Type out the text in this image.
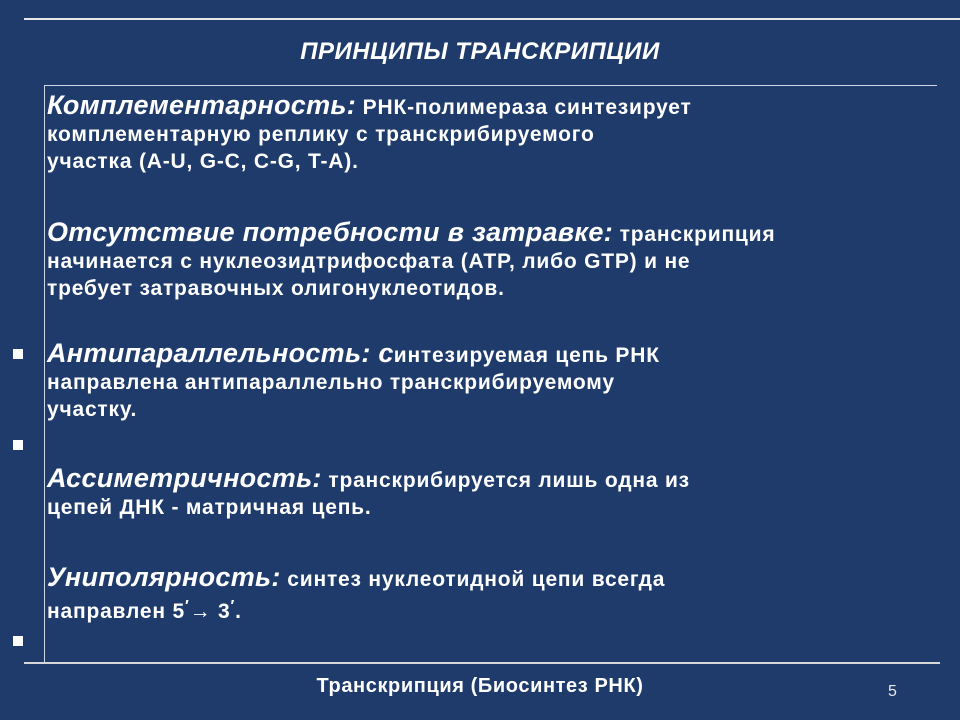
ПРИНЦИПЫ ТРАНСКРИПЦИИ
Комплементарность: РНК-полимераза синтезирует
комплементарную реплику с транскрибируемого
участка (A-U, G-C, C-G, T-A).
Отсутствие потребности в затравке: транскрипция
начинается с нуклеозидтрифосфата (АТР, либо GTP) и не
требует затравочных олигонуклеотидов.
Антипараллельность: синтезируемая цепь РНК
направлена антипараллельно транскрибируемому
участку.
Ассиметричность: транскрибируется лишь одна из
цепей ДНК - матричная цепь.
Униполярность: синтез нуклеотидной цепи всегда
направлен 5′→ 3′.
Транскрипция (Биосинтез РНК)	5
